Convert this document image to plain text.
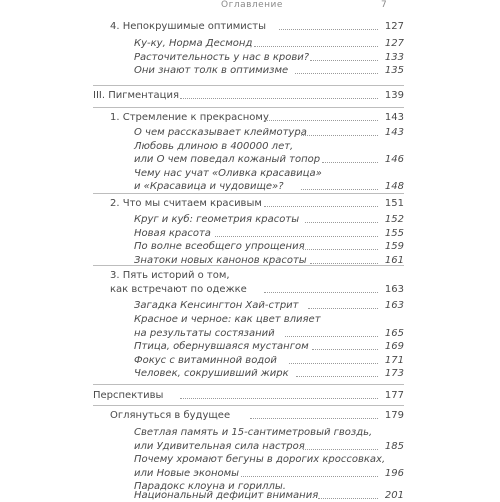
Оглавление	7
4. Непокрушимые оптимисты	127
Ку-ку, Норма Десмонд	127
Расточительность у нас в крови?	133
Они знают толк в оптимизме	135
III. Пигментация	139
1. Стремление к прекрасному	143
О чем рассказывает клеймотура	143
Любовь длиною в 400000 лет,
или О чем поведал кожаный топор	146
Чему нас учат «Оливка красавица»
и «Красавица и чудовище»?	148
2. Что мы считаем красивым	151
Круг и куб: геометрия красоты	152
Новая красота	155
По волне всеобщего упрощения	159
Знатоки новых канонов красоты	161
3. Пять историй о том,
как встречают по одежке	163
Загадка Кенсингтон Хай-стрит	163
Красное и черное: как цвет влияет
на результаты состязаний	165
Птица, обернувшаяся мустангом	169
Фокус с витаминной водой	171
Человек, сокрушивший жирк	173
Перспективы	177
Оглянуться в будущее	179
Светлая память и 15-сантиметровый гвоздь,
или Удивительная сила настроя	185
Почему хромают бегуны в дорогих кроссовках,
или Новые экономы	196
Парадокс клоуна и гориллы.
Национальный дефицит внимания	201
